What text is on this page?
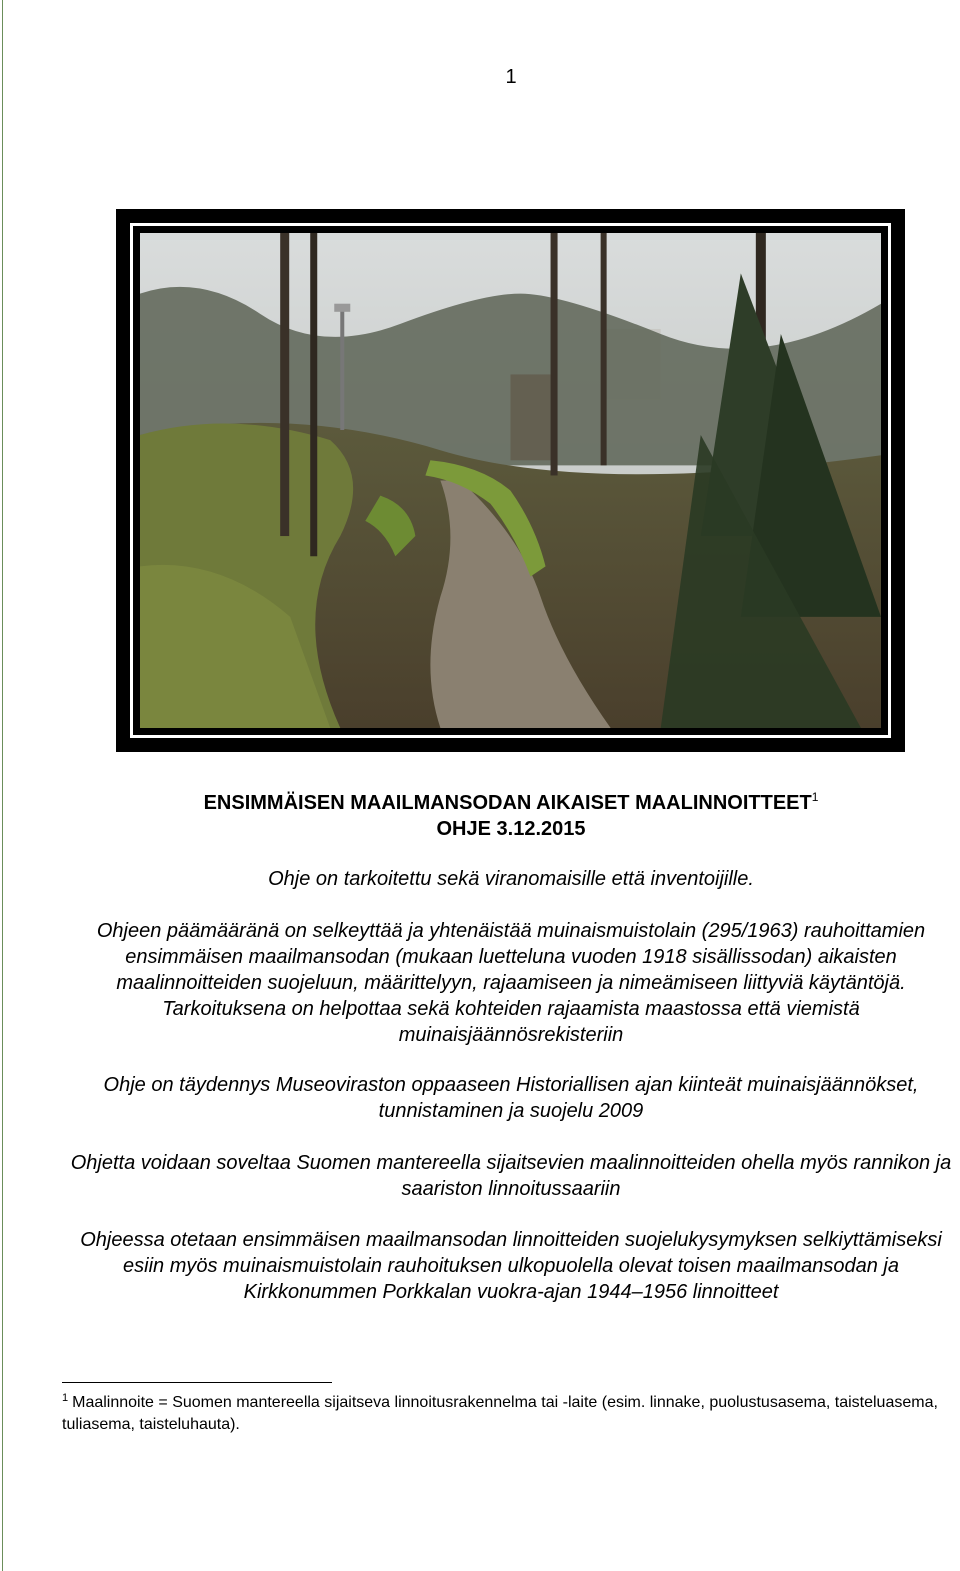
1
ENSIMMÄISEN MAAILMANSODAN AIKAISET MAALINNOITTEET$^1$
OHJE 3.12.2015

Ohje on tarkoitettu sekä viranomaisille että inventoijille.

Ohjeen päämääränä on selkeyttää ja yhtenäistää muinaismuistolain (295/1963) rauhoittamien ensimmäisen maailmansodan (mukaan luetteluna vuoden 1918 sisällissodan) aikaisten maalinnoitteiden suojeluun, määrittelyyn, rajaamiseen ja nimeämiseen liittyviä käytäntöjä. Tarkoituksena on helpottaa sekä kohteiden rajaamista maastossa että viemistä muinaisjäännösrekisteriin

Ohje on täydennys Museoviraston oppaaseen Historiallisen ajan kiinteät muinaisjäännökset, tunnistaminen ja suojelu 2009

Ohjetta voidaan soveltaa Suomen mantereella sijaitsevien maalinnoitteiden ohella myös rannikon ja saariston linnoitussaariin

Ohjeessa otetaan ensimmäisen maailmansodan linnoitteiden suojelukysymyksen selkiyttämiseksi esiin myös muinaismuistolain rauhoituksen ulkopuolella olevat toisen maailmansodan ja Kirkkonummen Porkkalan vuokra-ajan 1944–1956 linnoitteet

$^1$ Maalinnoite = Suomen mantereella sijaitseva linnoitusrakennelma tai -laite (esim. linnake, puolustusasema, taisteluasema, tuliasema, taisteluhauta).
